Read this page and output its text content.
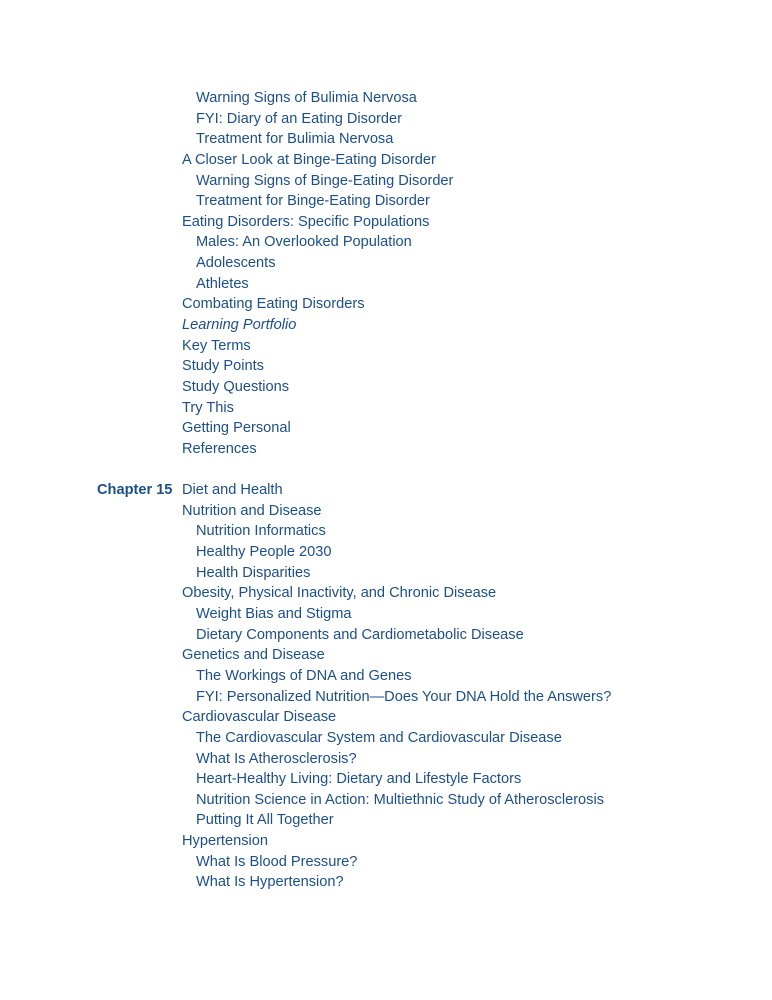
Warning Signs of Bulimia Nervosa
FYI: Diary of an Eating Disorder
Treatment for Bulimia Nervosa
A Closer Look at Binge-Eating Disorder
Warning Signs of Binge-Eating Disorder
Treatment for Binge-Eating Disorder
Eating Disorders: Specific Populations
Males: An Overlooked Population
Adolescents
Athletes
Combating Eating Disorders
Learning Portfolio
Key Terms
Study Points
Study Questions
Try This
Getting Personal
References
Chapter 15 Diet and Health
Nutrition and Disease
Nutrition Informatics
Healthy People 2030
Health Disparities
Obesity, Physical Inactivity, and Chronic Disease
Weight Bias and Stigma
Dietary Components and Cardiometabolic Disease
Genetics and Disease
The Workings of DNA and Genes
FYI: Personalized Nutrition—Does Your DNA Hold the Answers?
Cardiovascular Disease
The Cardiovascular System and Cardiovascular Disease
What Is Atherosclerosis?
Heart-Healthy Living: Dietary and Lifestyle Factors
Nutrition Science in Action: Multiethnic Study of Atherosclerosis
Putting It All Together
Hypertension
What Is Blood Pressure?
What Is Hypertension?
